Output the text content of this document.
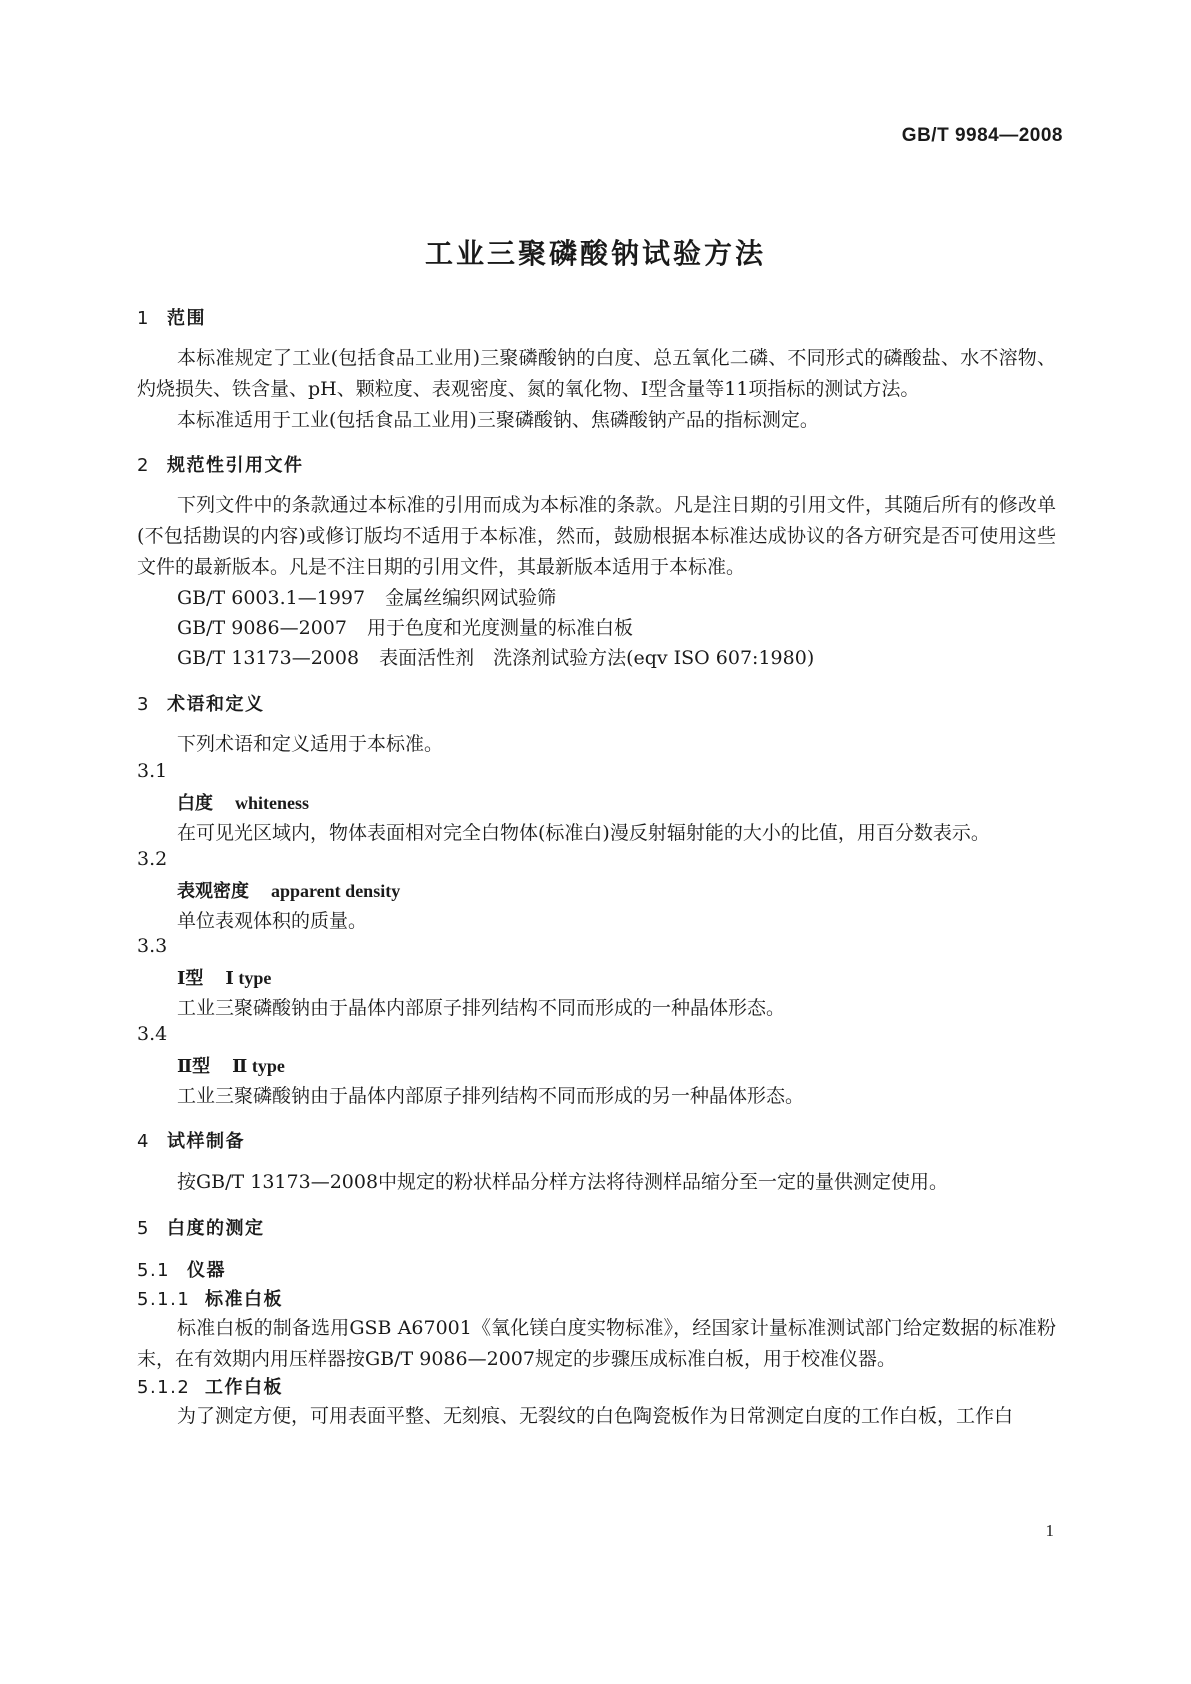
GB/T 9984—2008
工业三聚磷酸钠试验方法
1 范围
本标准规定了工业(包括食品工业用)三聚磷酸钠的白度、总五氧化二磷、不同形式的磷酸盐、水不溶物、灼烧损失、铁含量、pH、颗粒度、表观密度、氮的氧化物、Ⅰ型含量等11项指标的测试方法。
本标准适用于工业(包括食品工业用)三聚磷酸钠、焦磷酸钠产品的指标测定。
2 规范性引用文件
下列文件中的条款通过本标准的引用而成为本标准的条款。凡是注日期的引用文件，其随后所有的修改单(不包括勘误的内容)或修订版均不适用于本标准，然而，鼓励根据本标准达成协议的各方研究是否可使用这些文件的最新版本。凡是不注日期的引用文件，其最新版本适用于本标准。
GB/T 6003.1—1997 金属丝编织网试验筛
GB/T 9086—2007 用于色度和光度测量的标准白板
GB/T 13173—2008 表面活性剂　洗涤剂试验方法(eqv ISO 607:1980)
3 术语和定义
下列术语和定义适用于本标准。
3.1
白度 whiteness
在可见光区域内，物体表面相对完全白物体(标准白)漫反射辐射能的大小的比值，用百分数表示。
3.2
表观密度 apparent density
单位表观体积的质量。
3.3
Ⅰ型 Ⅰ type
工业三聚磷酸钠由于晶体内部原子排列结构不同而形成的一种晶体形态。
3.4
Ⅱ型 Ⅱ type
工业三聚磷酸钠由于晶体内部原子排列结构不同而形成的另一种晶体形态。
4 试样制备
按GB/T 13173—2008中规定的粉状样品分样方法将待测样品缩分至一定的量供测定使用。
5 白度的测定
5.1 仪器
5.1.1 标准白板
标准白板的制备选用GSB A67001《氧化镁白度实物标准》，经国家计量标准测试部门给定数据的标准粉末，在有效期内用压样器按GB/T 9086—2007规定的步骤压成标准白板，用于校准仪器。
5.1.2 工作白板
为了测定方便，可用表面平整、无刻痕、无裂纹的白色陶瓷板作为日常测定白度的工作白板，工作白
1
